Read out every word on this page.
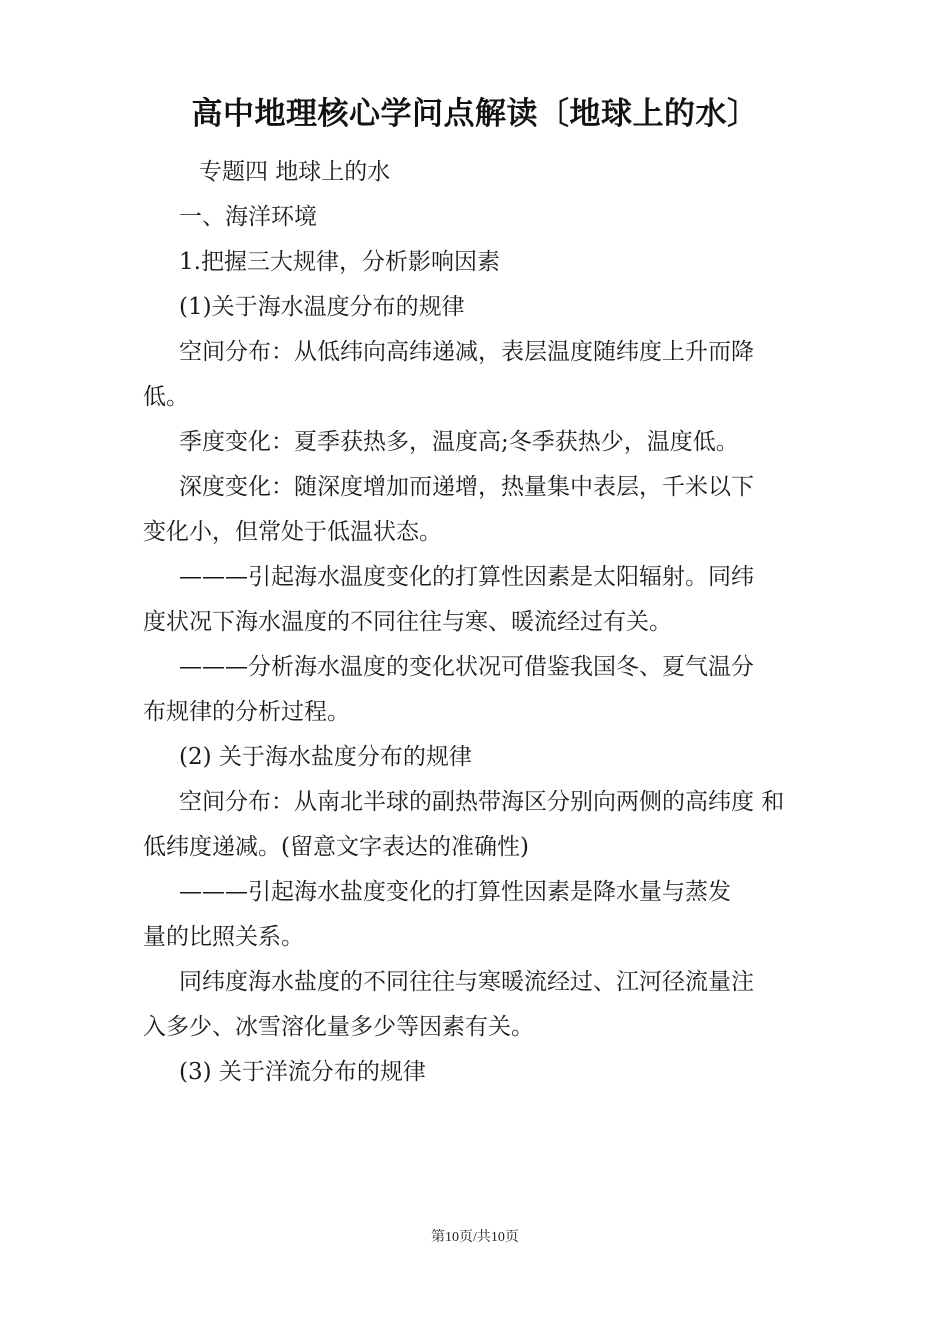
高中地理核心学问点解读〔地球上的水〕

专题四 地球上的水

一、海洋环境

1.把握三大规律，分析影响因素

(1)关于海水温度分布的规律

空间分布：从低纬向高纬递减，表层温度随纬度上升而降

低。

季度变化：夏季获热多，温度高;冬季获热少，温度低。

深度变化：随深度增加而递增，热量集中表层，千米以下

变化小，但常处于低温状态。

———引起海水温度变化的打算性因素是太阳辐射。同纬

度状况下海水温度的不同往往与寒、暖流经过有关。

———分析海水温度的变化状况可借鉴我国冬、夏气温分

布规律的分析过程。

(2) 关于海水盐度分布的规律

空间分布：从南北半球的副热带海区分别向两侧的高纬度 和

低纬度递减。(留意文字表达的准确性)

———引起海水盐度变化的打算性因素是降水量与蒸发

量的比照关系。

同纬度海水盐度的不同往往与寒暖流经过、江河径流量注

入多少、冰雪溶化量多少等因素有关。

(3) 关于洋流分布的规律

第10页/共10页
